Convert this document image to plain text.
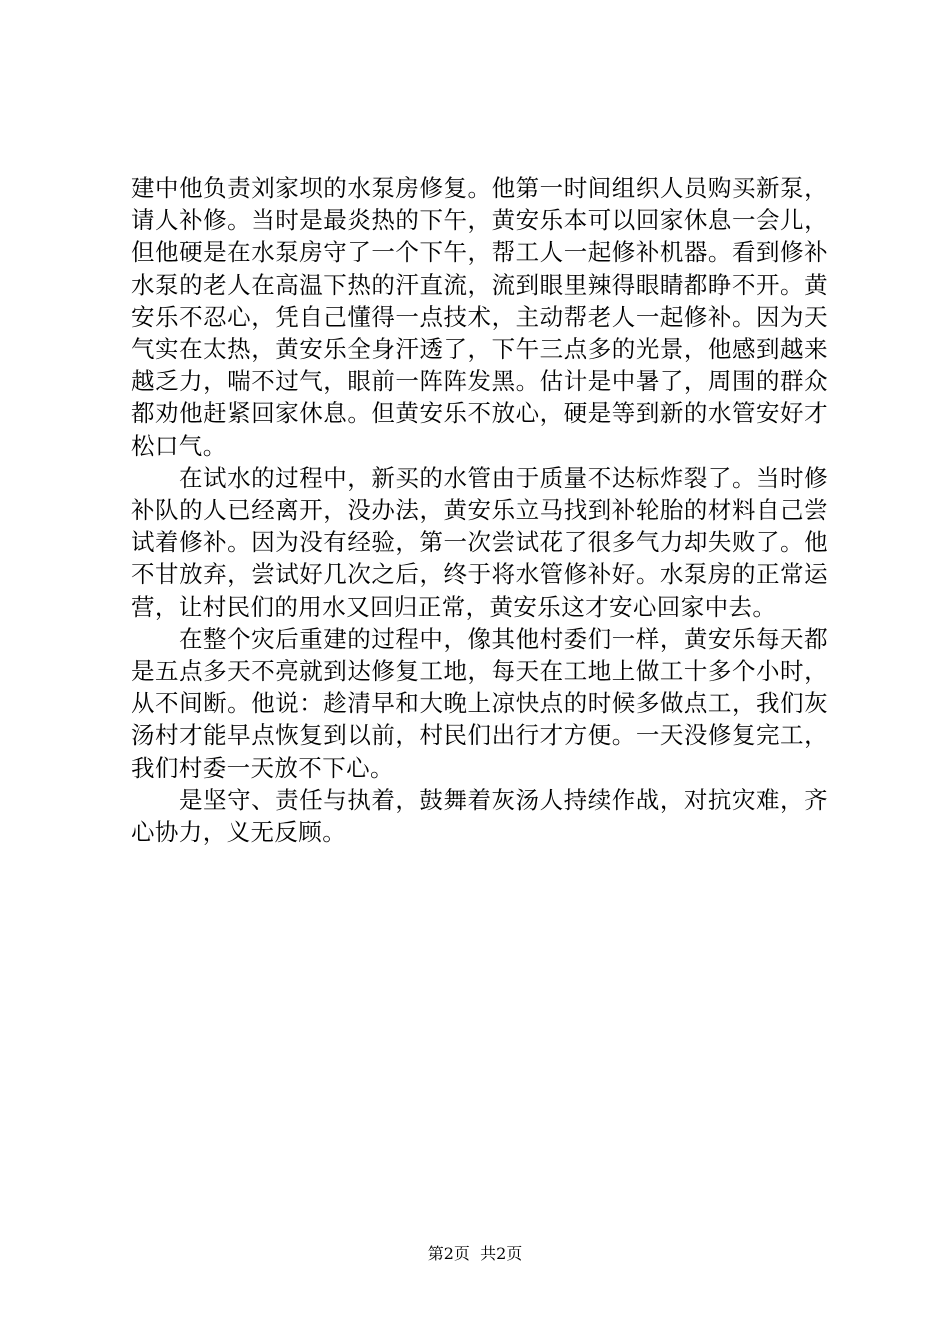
建中他负责刘家坝的水泵房修复。他第一时间组织人员购买新泵，请人补修。当时是最炎热的下午，黄安乐本可以回家休息一会儿，但他硬是在水泵房守了一个下午，帮工人一起修补机器。看到修补水泵的老人在高温下热的汗直流，流到眼里辣得眼睛都睁不开。黄安乐不忍心，凭自己懂得一点技术，主动帮老人一起修补。因为天气实在太热，黄安乐全身汗透了，下午三点多的光景，他感到越来越乏力，喘不过气，眼前一阵阵发黑。估计是中暑了，周围的群众都劝他赶紧回家休息。但黄安乐不放心，硬是等到新的水管安好才松口气。

在试水的过程中，新买的水管由于质量不达标炸裂了。当时修补队的人已经离开，没办法，黄安乐立马找到补轮胎的材料自己尝试着修补。因为没有经验，第一次尝试花了很多气力却失败了。他不甘放弃，尝试好几次之后，终于将水管修补好。水泵房的正常运营，让村民们的用水又回归正常，黄安乐这才安心回家中去。

在整个灾后重建的过程中，像其他村委们一样，黄安乐每天都是五点多天不亮就到达修复工地，每天在工地上做工十多个小时，从不间断。他说：趁清早和大晚上凉快点的时候多做点工，我们灰汤村才能早点恢复到以前，村民们出行才方便。一天没修复完工，我们村委一天放不下心。

是坚守、责任与执着，鼓舞着灰汤人持续作战，对抗灾难，齐心协力，义无反顾。

第2页  共2页
